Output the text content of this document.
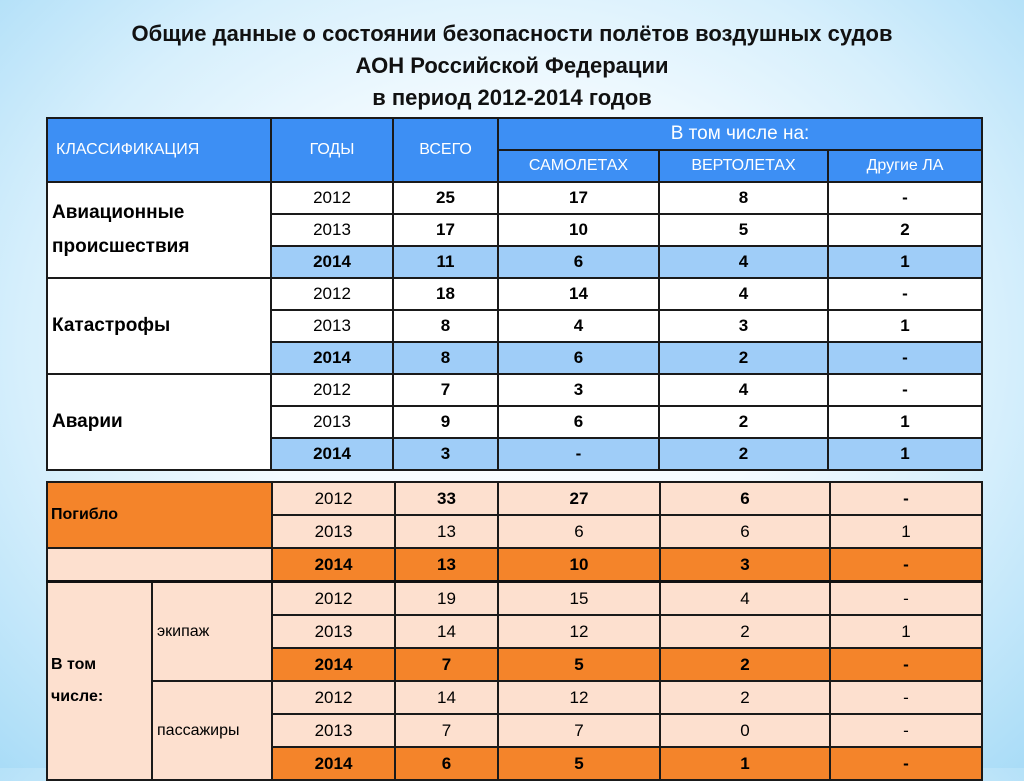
Общие данные о состоянии безопасности полётов воздушных судов
АОН Российской Федерации
в период 2012-2014 годов
КЛАССИФИКАЦИЯ	ГОДЫ	ВСЕГО	В том числе на:		
			САМОЛЕТАХ	ВЕРТОЛЕТАХ	Другие ЛА
Авиационные происшествия	2012	25	17	8	-
	2013	17	10	5	2
	2014	11	6	4	1
Катастрофы	2012	18	14	4	-
	2013	8	4	3	1
	2014	8	6	2	-
Аварии	2012	7	3	4	-
	2013	9	6	2	1
	2014	3	-	2	1
Погибло		2012	33	27	6	-
		2013	13	6	6	1
		2014	13	10	3	-
В том числе:	экипаж	2012	19	15	4	-
		2013	14	12	2	1
		2014	7	5	2	-
	пассажиры	2012	14	12	2	-
		2013	7	7	0	-
		2014	6	5	1	-
